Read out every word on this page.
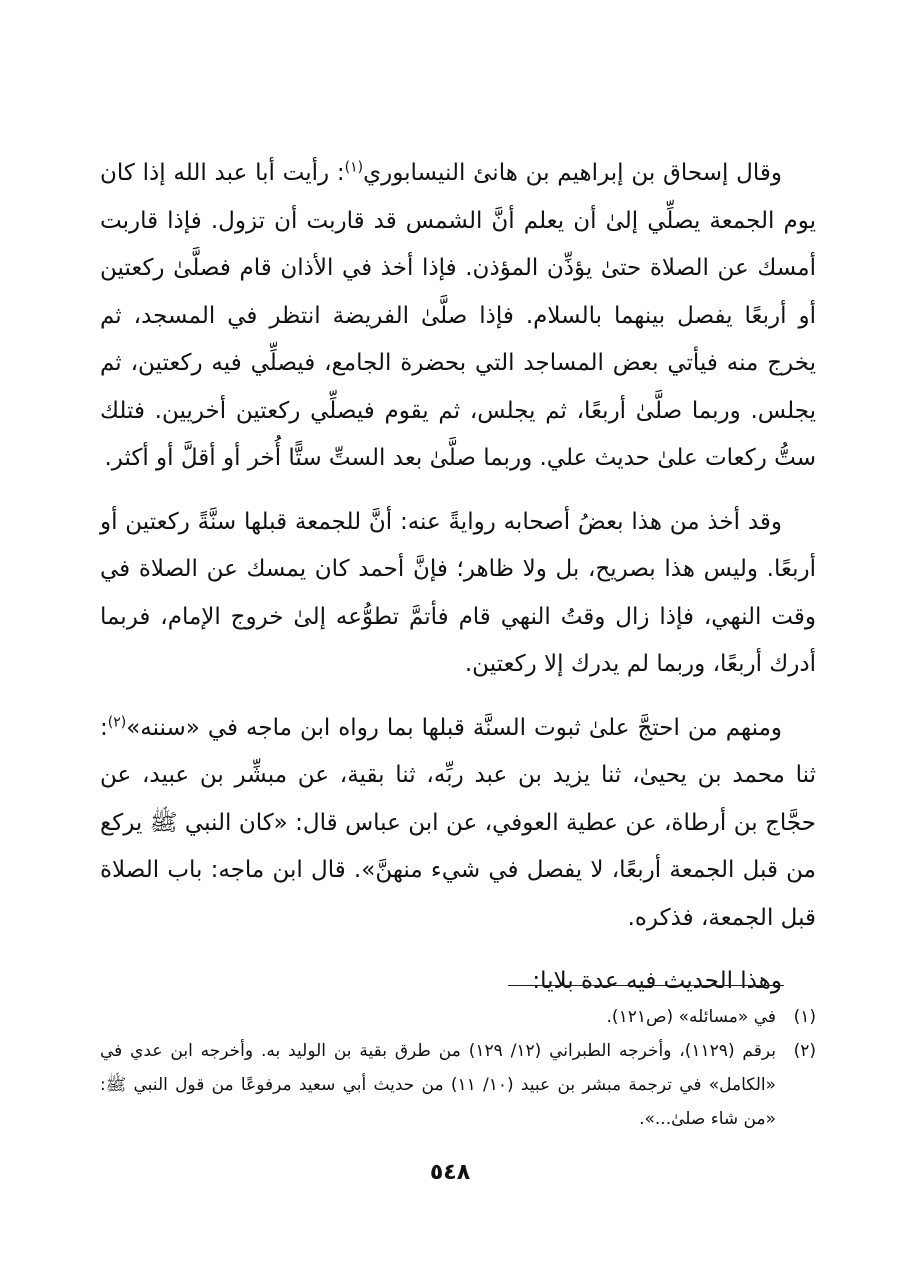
وقال إسحاق بن إبراهيم بن هانئ النيسابوري$^{(١)}$: رأيت أبا عبد الله إذا كان يوم الجمعة يصلِّي إلىٰ أن يعلم أنَّ الشمس قد قاربت أن تزول. فإذا قاربت أمسك عن الصلاة حتىٰ يؤذِّن المؤذن. فإذا أخذ في الأذان قام فصلَّىٰ ركعتين أو أربعًا يفصل بينهما بالسلام. فإذا صلَّىٰ الفريضة انتظر في المسجد، ثم يخرج منه فيأتي بعض المساجد التي بحضرة الجامع، فيصلِّي فيه ركعتين، ثم يجلس. وربما صلَّىٰ أربعًا، ثم يجلس، ثم يقوم فيصلِّي ركعتين أخريين. فتلك ستُّ ركعات علىٰ حديث علي. وربما صلَّىٰ بعد الستِّ ستًّا أُخر أو أقلَّ أو أكثر.

وقد أخذ من هذا بعضُ أصحابه روايةً عنه: أنَّ للجمعة قبلها سنَّةً ركعتين أو أربعًا. وليس هذا بصريح، بل ولا ظاهر؛ فإنَّ أحمد كان يمسك عن الصلاة في وقت النهي، فإذا زال وقتُ النهي قام فأتمَّ تطوُّعه إلىٰ خروج الإمام، فربما أدرك أربعًا، وربما لم يدرك إلا ركعتين.

ومنهم من احتجَّ علىٰ ثبوت السنَّة قبلها بما رواه ابن ماجه في «سننه»$^{(٢)}$: ثنا محمد بن يحيىٰ، ثنا يزيد بن عبد ربِّه، ثنا بقية، عن مبشِّر بن عبيد، عن حجَّاج بن أرطاة، عن عطية العوفي، عن ابن عباس قال: «كان النبي ﷺ يركع من قبل الجمعة أربعًا، لا يفصل في شيء منهنَّ». قال ابن ماجه: باب الصلاة قبل الجمعة، فذكره.

وهذا الحديث فيه عدة بلايا:

(١)
في «مسائله» (ص١٢١).
(٢)
برقم (١١٢٩)، وأخرجه الطبراني (١٢/ ١٢٩) من طرق بقية بن الوليد به. وأخرجه ابن عدي في «الكامل» في ترجمة مبشر بن عبيد (١٠/ ١١) من حديث أبي سعيد مرفوعًا من قول النبي ﷺ: «من شاء صلىٰ...».
٥٤٨
